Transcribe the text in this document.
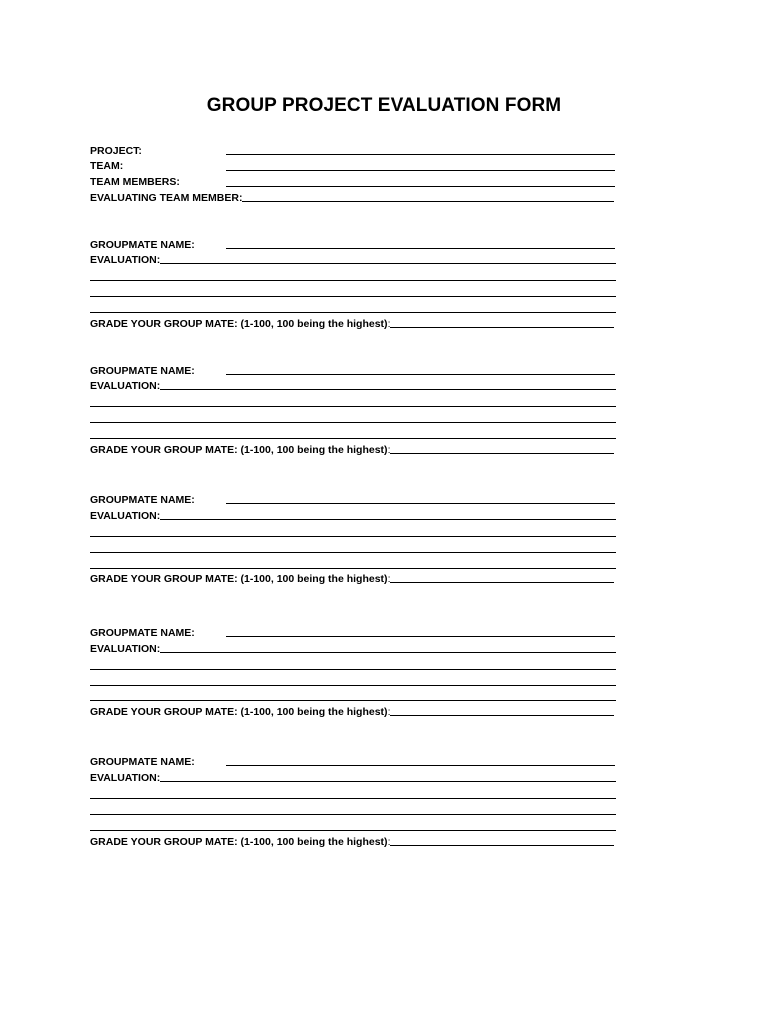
GROUP PROJECT EVALUATION FORM
PROJECT:
TEAM:
TEAM MEMBERS:
EVALUATING TEAM MEMBER:
GROUPMATE NAME:
EVALUATION:
GRADE YOUR GROUP MATE: (1-100, 100 being the highest):
GROUPMATE NAME:
EVALUATION:
GRADE YOUR GROUP MATE: (1-100, 100 being the highest):
GROUPMATE NAME:
EVALUATION:
GRADE YOUR GROUP MATE: (1-100, 100 being the highest):
GROUPMATE NAME:
EVALUATION:
GRADE YOUR GROUP MATE: (1-100, 100 being the highest):
GROUPMATE NAME:
EVALUATION:
GRADE YOUR GROUP MATE: (1-100, 100 being the highest):
